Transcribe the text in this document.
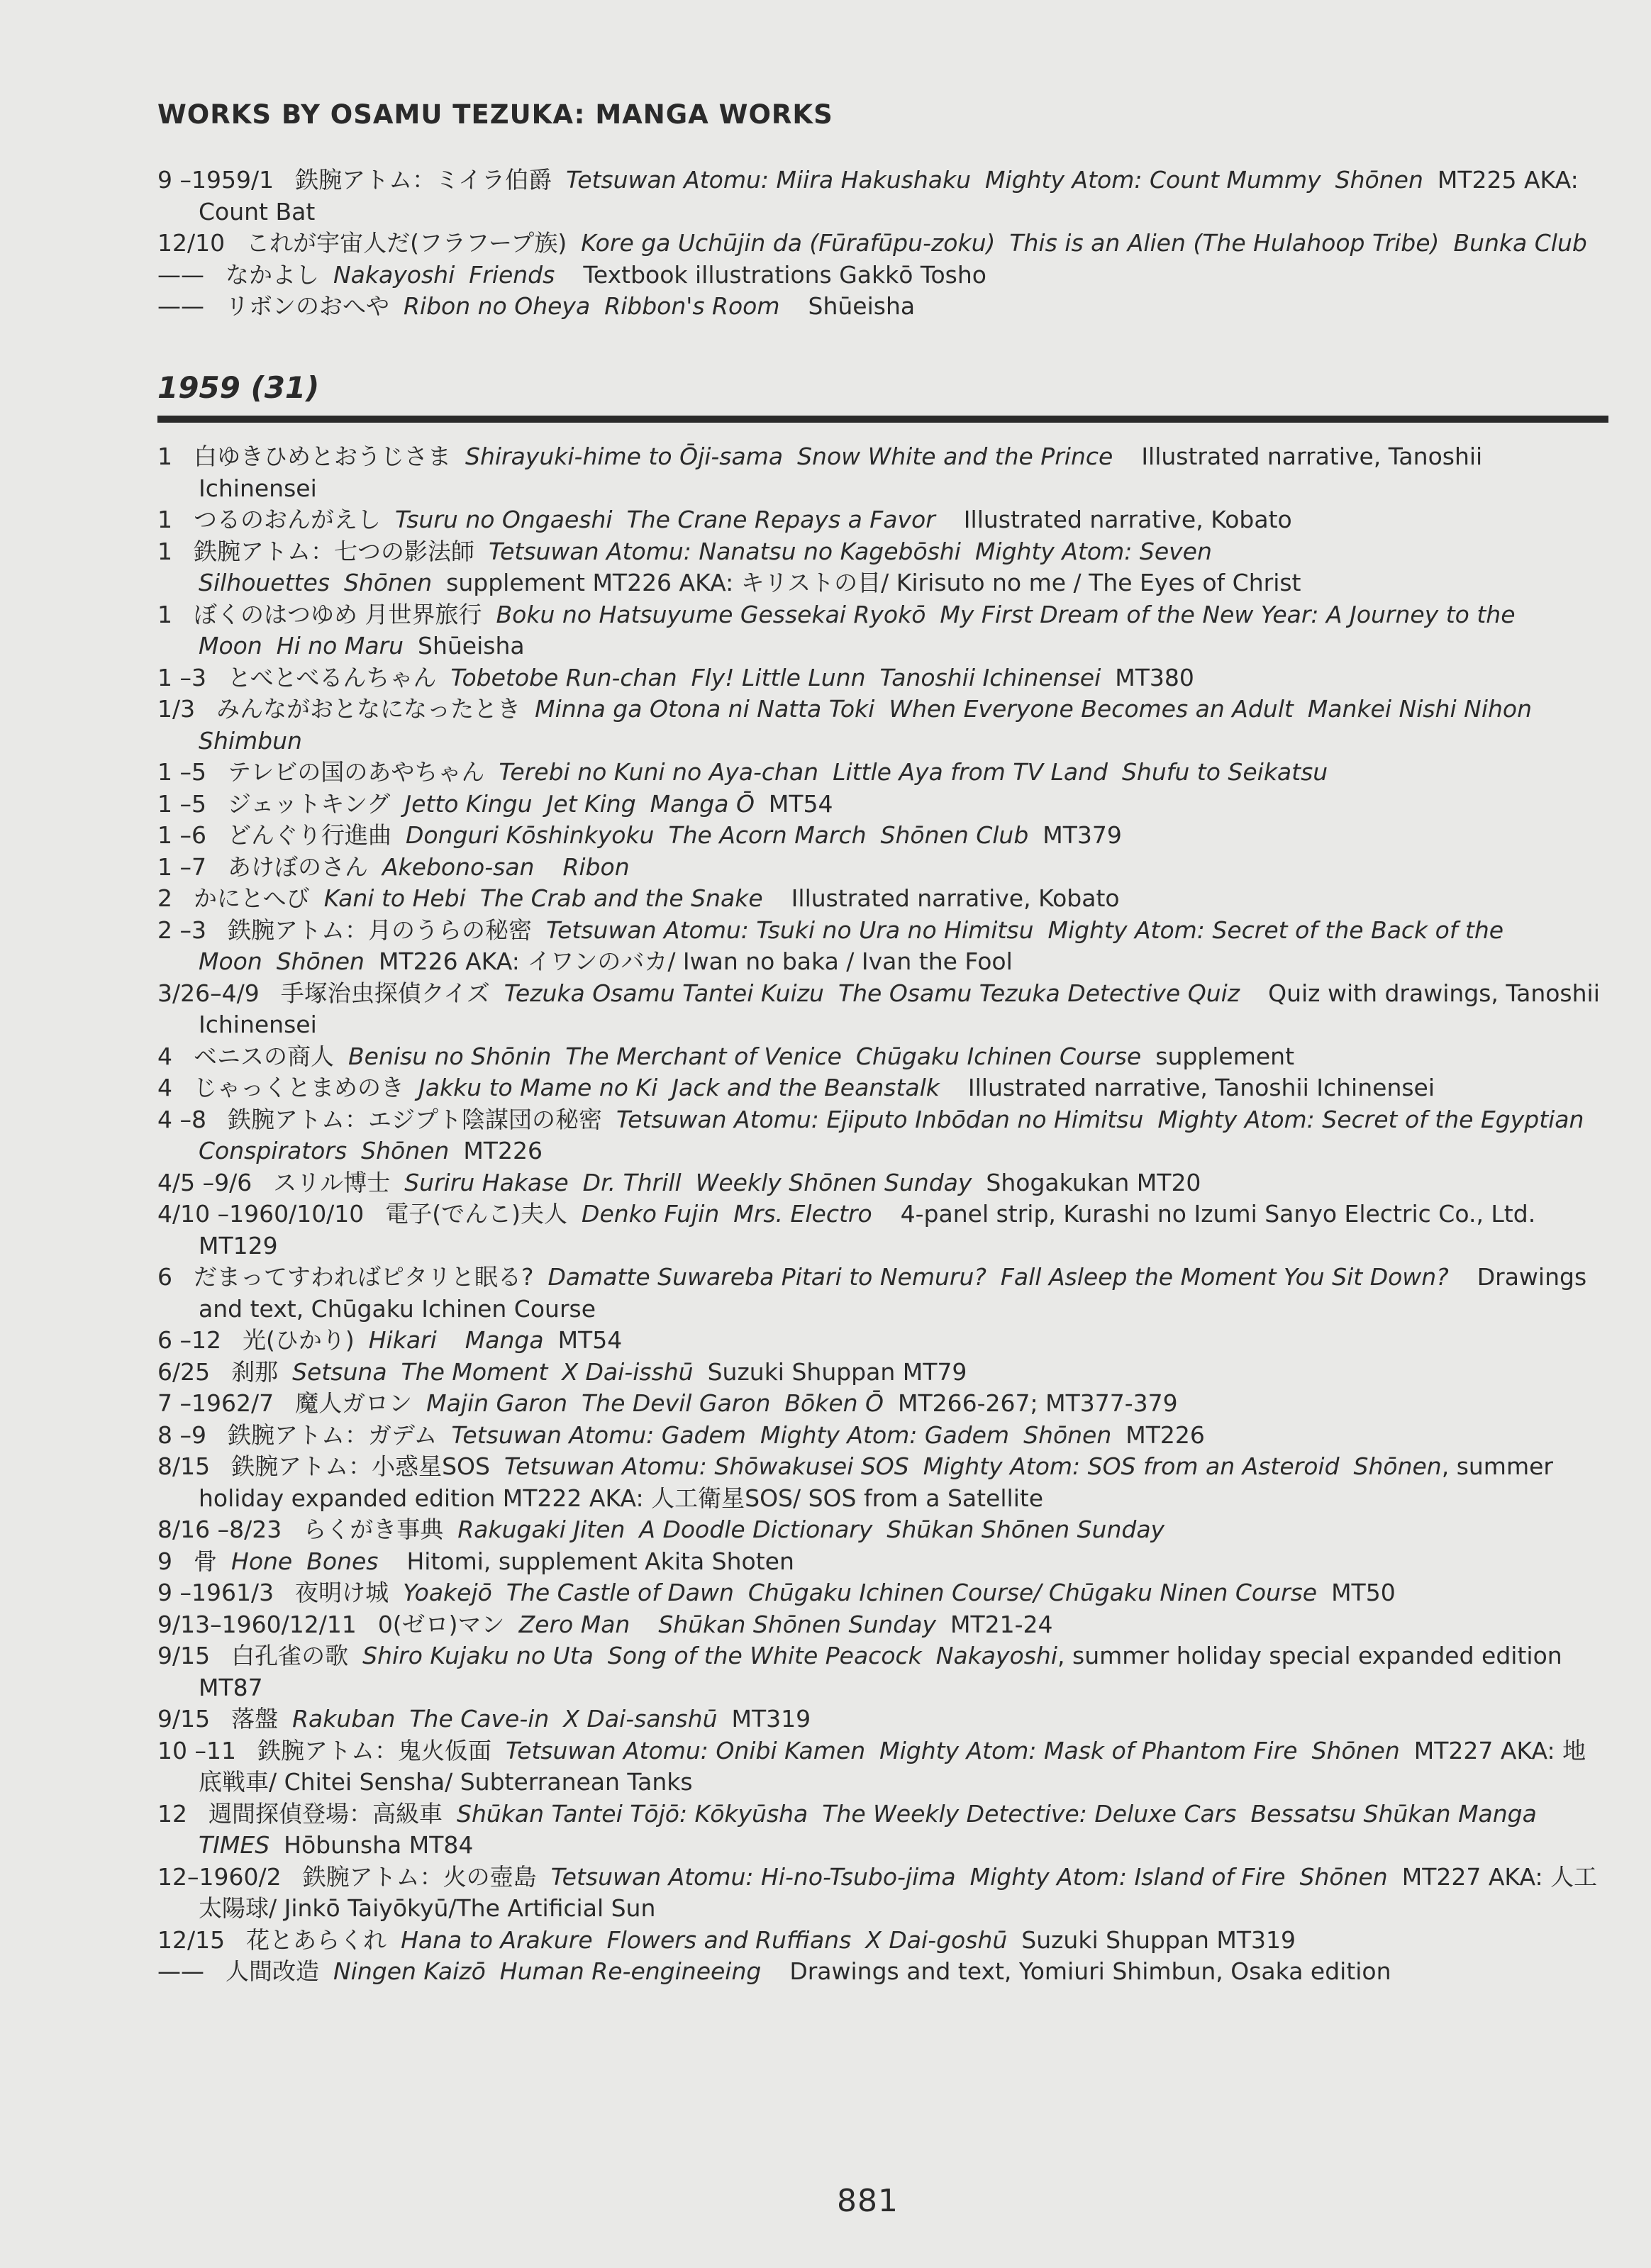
WORKS BY OSAMU TEZUKA: MANGA WORKS
9 –1959/1 鉄腕アトム：ミイラ伯爵 Tetsuwan Atomu: Miira Hakushaku Mighty Atom: Count Mummy Shōnen MT225 AKA: Count Bat
12/10 これが宇宙人だ(フラフープ族) Kore ga Uchūjin da (Fūrafūpu-zoku) This is an Alien (The Hulahoop Tribe) Bunka Club
—— なかよし Nakayoshi Friends Textbook illustrations Gakkō Tosho
—— リボンのおへや Ribon no Oheya Ribbon's Room Shūeisha
1959 (31)
1 白ゆきひめとおうじさま Shirayuki-hime to Ōji-sama Snow White and the Prince Illustrated narrative, Tanoshii Ichinensei
1 つるのおんがえし Tsuru no Ongaeshi The Crane Repays a Favor Illustrated narrative, Kobato
1 鉄腕アトム：七つの影法師 Tetsuwan Atomu: Nanatsu no Kagebōshi Mighty Atom: Seven Silhouettes Shōnen supplement MT226 AKA: キリストの目/ Kirisuto no me / The Eyes of Christ
1 ぼくのはつゆめ 月世界旅行 Boku no Hatsuyume Gessekai Ryokō My First Dream of the New Year: A Journey to the Moon Hi no Maru Shūeisha
1 –3 とべとべるんちゃん Tobetobe Run-chan Fly! Little Lunn Tanoshii Ichinensei MT380
1/3 みんながおとなになったとき Minna ga Otona ni Natta Toki When Everyone Becomes an Adult Mankei Nishi Nihon Shimbun
1 –5 テレビの国のあやちゃん Terebi no Kuni no Aya-chan Little Aya from TV Land Shufu to Seikatsu
1 –5 ジェットキング Jetto Kingu Jet King Manga Ō MT54
1 –6 どんぐり行進曲 Donguri Kōshinkyoku The Acorn March Shōnen Club MT379
1 –7 あけぼのさん Akebono-san Ribon
2 かにとへび Kani to Hebi The Crab and the Snake Illustrated narrative, Kobato
2 –3 鉄腕アトム：月のうらの秘密 Tetsuwan Atomu: Tsuki no Ura no Himitsu Mighty Atom: Secret of the Back of the Moon Shōnen MT226 AKA: イワンのバカ/ Iwan no baka / Ivan the Fool
3/26–4/9 手塚治虫探偵クイズ Tezuka Osamu Tantei Kuizu The Osamu Tezuka Detective Quiz Quiz with drawings, Tanoshii Ichinensei
4 ベニスの商人 Benisu no Shōnin The Merchant of Venice Chūgaku Ichinen Course supplement
4 じゃっくとまめのき Jakku to Mame no Ki Jack and the Beanstalk Illustrated narrative, Tanoshii Ichinensei
4 –8 鉄腕アトム：エジプト陰謀団の秘密 Tetsuwan Atomu: Ejiputo Inbōdan no Himitsu Mighty Atom: Secret of the Egyptian Conspirators Shōnen MT226
4/5 –9/6 スリル博士 Suriru Hakase Dr. Thrill Weekly Shōnen Sunday Shogakukan MT20
4/10 –1960/10/10 電子(でんこ)夫人 Denko Fujin Mrs. Electro 4-panel strip, Kurashi no Izumi Sanyo Electric Co., Ltd. MT129
6 だまってすわればピタリと眠る? Damatte Suwareba Pitari to Nemuru? Fall Asleep the Moment You Sit Down? Drawings and text, Chūgaku Ichinen Course
6 –12 光(ひかり) Hikari Manga MT54
6/25 刹那 Setsuna The Moment X Dai-isshū Suzuki Shuppan MT79
7 –1962/7 魔人ガロン Majin Garon The Devil Garon Bōken Ō MT266-267; MT377-379
8 –9 鉄腕アトム：ガデム Tetsuwan Atomu: Gadem Mighty Atom: Gadem Shōnen MT226
8/15 鉄腕アトム：小惑星SOS Tetsuwan Atomu: Shōwakusei SOS Mighty Atom: SOS from an Asteroid Shōnen, summer holiday expanded edition MT222 AKA: 人工衛星SOS/ SOS from a Satellite
8/16 –8/23 らくがき事典 Rakugaki Jiten A Doodle Dictionary Shūkan Shōnen Sunday
9 骨 Hone Bones Hitomi, supplement Akita Shoten
9 –1961/3 夜明け城 Yoakejō The Castle of Dawn Chūgaku Ichinen Course/ Chūgaku Ninen Course MT50
9/13–1960/12/11 0(ゼロ)マン Zero Man Shūkan Shōnen Sunday MT21-24
9/15 白孔雀の歌 Shiro Kujaku no Uta Song of the White Peacock Nakayoshi, summer holiday special expanded edition MT87
9/15 落盤 Rakuban The Cave-in X Dai-sanshū MT319
10 –11 鉄腕アトム：鬼火仮面 Tetsuwan Atomu: Onibi Kamen Mighty Atom: Mask of Phantom Fire Shōnen MT227 AKA: 地底戦車/ Chitei Sensha/ Subterranean Tanks
12 週間探偵登場：高級車 Shūkan Tantei Tōjō: Kōkyūsha The Weekly Detective: Deluxe Cars Bessatsu Shūkan Manga TIMES Hōbunsha MT84
12–1960/2 鉄腕アトム：火の壺島 Tetsuwan Atomu: Hi-no-Tsubo-jima Mighty Atom: Island of Fire Shōnen MT227 AKA: 人工太陽球/ Jinkō Taiyōkyū/The Artificial Sun
12/15 花とあらくれ Hana to Arakure Flowers and Ruffians X Dai-goshū Suzuki Shuppan MT319
—— 人間改造 Ningen Kaizō Human Re-engineeing Drawings and text, Yomiuri Shimbun, Osaka edition
881
